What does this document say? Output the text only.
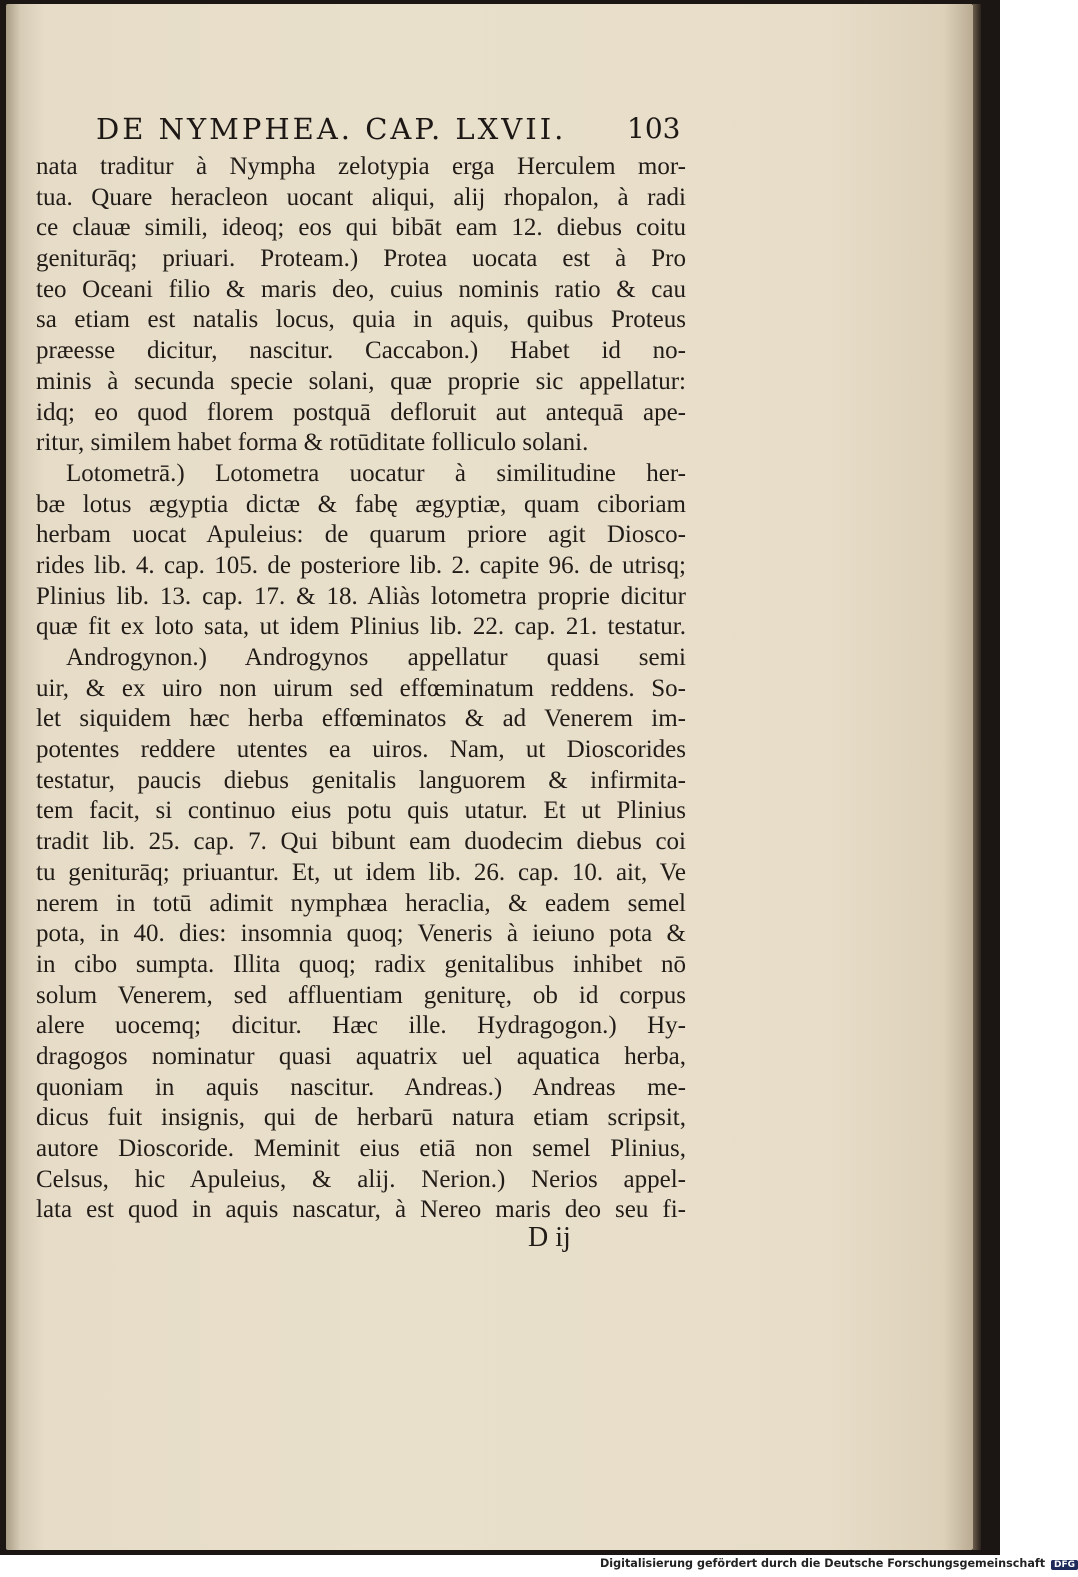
DE NYMPHEA. CAP. LXVII.	103
nata traditur à Nympha zelotypia erga Herculem mor-
tua. Quare heracleon uocant aliqui, alij rhopalon, à radi
ce clauæ simili, ideoq; eos qui bibāt eam 12. diebus coitu
geniturāq; priuari. Proteam.) Protea uocata est à Pro
teo Oceani filio & maris deo, cuius nominis ratio & cau
sa etiam est natalis locus, quia in aquis, quibus Proteus
præesse dicitur, nascitur. Caccabon.) Habet id no-
minis à secunda specie solani, quæ proprie sic appellatur:
idq; eo quod florem postquā defloruit aut antequā ape-
ritur, similem habet forma & rotūditate folliculo solani.
Lotometrā.) Lotometra uocatur à similitudine her-
bæ lotus ægyptia dictæ & fabę ægyptiæ, quam ciboriam
herbam uocat Apuleius: de quarum priore agit Diosco-
rides lib. 4. cap. 105. de posteriore lib. 2. capite 96. de utrisq;
Plinius lib. 13. cap. 17. & 18. Aliàs lotometra proprie dicitur
quæ fit ex loto sata, ut idem Plinius lib. 22. cap. 21. testatur.
Androgynon.) Androgynos appellatur quasi semi
uir, & ex uiro non uirum sed effœminatum reddens. So-
let siquidem hæc herba effœminatos & ad Venerem im-
potentes reddere utentes ea uiros. Nam, ut Dioscorides
testatur, paucis diebus genitalis languorem & infirmita-
tem facit, si continuo eius potu quis utatur. Et ut Plinius
tradit lib. 25. cap. 7. Qui bibunt eam duodecim diebus coi
tu geniturāq; priuantur. Et, ut idem lib. 26. cap. 10. ait, Ve
nerem in totū adimit nymphæa heraclia, & eadem semel
pota, in 40. dies: insomnia quoq; Veneris à ieiuno pota &
in cibo sumpta. Illita quoq; radix genitalibus inhibet nō
solum Venerem, sed affluentiam geniturę, ob id corpus
alere uocemq; dicitur. Hæc ille. Hydragogon.) Hy-
dragogos nominatur quasi aquatrix uel aquatica herba,
quoniam in aquis nascitur. Andreas.) Andreas me-
dicus fuit insignis, qui de herbarū natura etiam scripsit,
autore Dioscoride. Meminit eius etiā non semel Plinius,
Celsus, hic Apuleius, & alij. Nerion.) Nerios appel-
lata est quod in aquis nascatur, à Nereo maris deo seu fi-
D ij
Digitalisierung gefördert durch die Deutsche Forschungsgemeinschaft DFG
